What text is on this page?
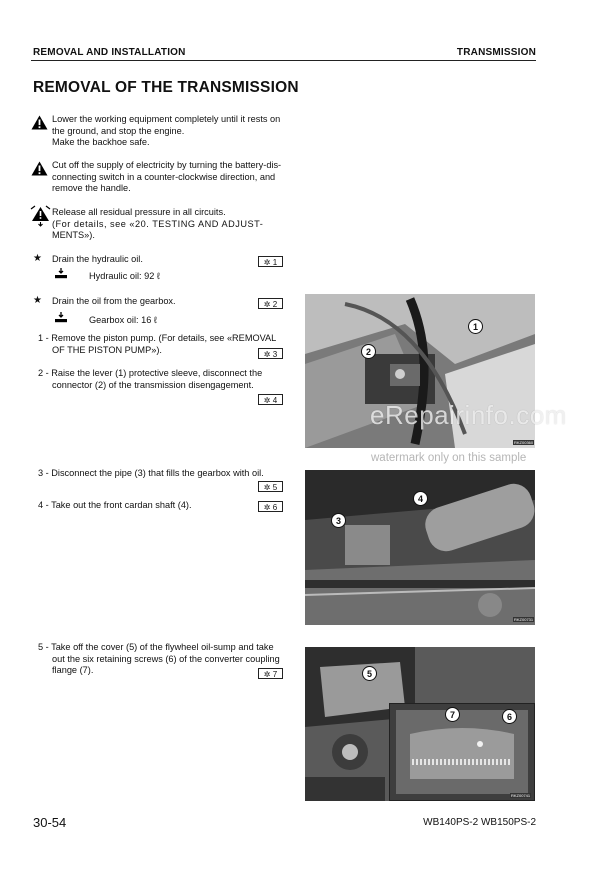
REMOVAL AND INSTALLATION	TRANSMISSION
REMOVAL OF THE TRANSMISSION
Lower the working equipment completely until it rests on
the ground, and stop the engine.
Make the backhoe safe.
Cut off the supply of electricity by turning the battery-dis-
connecting switch in a counter-clockwise direction, and
remove the handle.
Release all residual pressure in all circuits.
(For details, see «20. TESTING AND ADJUST-
MENTS»).
★ Drain the hydraulic oil.
Hydraulic oil: 92 ℓ
✲ 1
★ Drain the oil from the gearbox.
Gearbox oil: 16 ℓ
✲ 2
1 - Remove the piston pump. (For details, see «REMOVAL
OF THE PISTON PUMP»).	✲ 3
2 - Raise the lever (1) protective sleeve, disconnect the
connector (2) of the transmission disengagement.
✲ 4
3 - Disconnect the pipe (3) that fills the gearbox with oil.
✲ 5
4 - Take out the front cardan shaft (4).	✲ 6
5 - Take off the cover (5) of the flywheel oil-sump and take
out the six retaining screws (6) of the converter coupling
flange (7).	✲ 7
1
2
RKZ00360
4
3
RKZ00731
7	6
RKZ00741
5
eRepairinfo.com
watermark only on this sample
30-54	WB140PS-2 WB150PS-2
